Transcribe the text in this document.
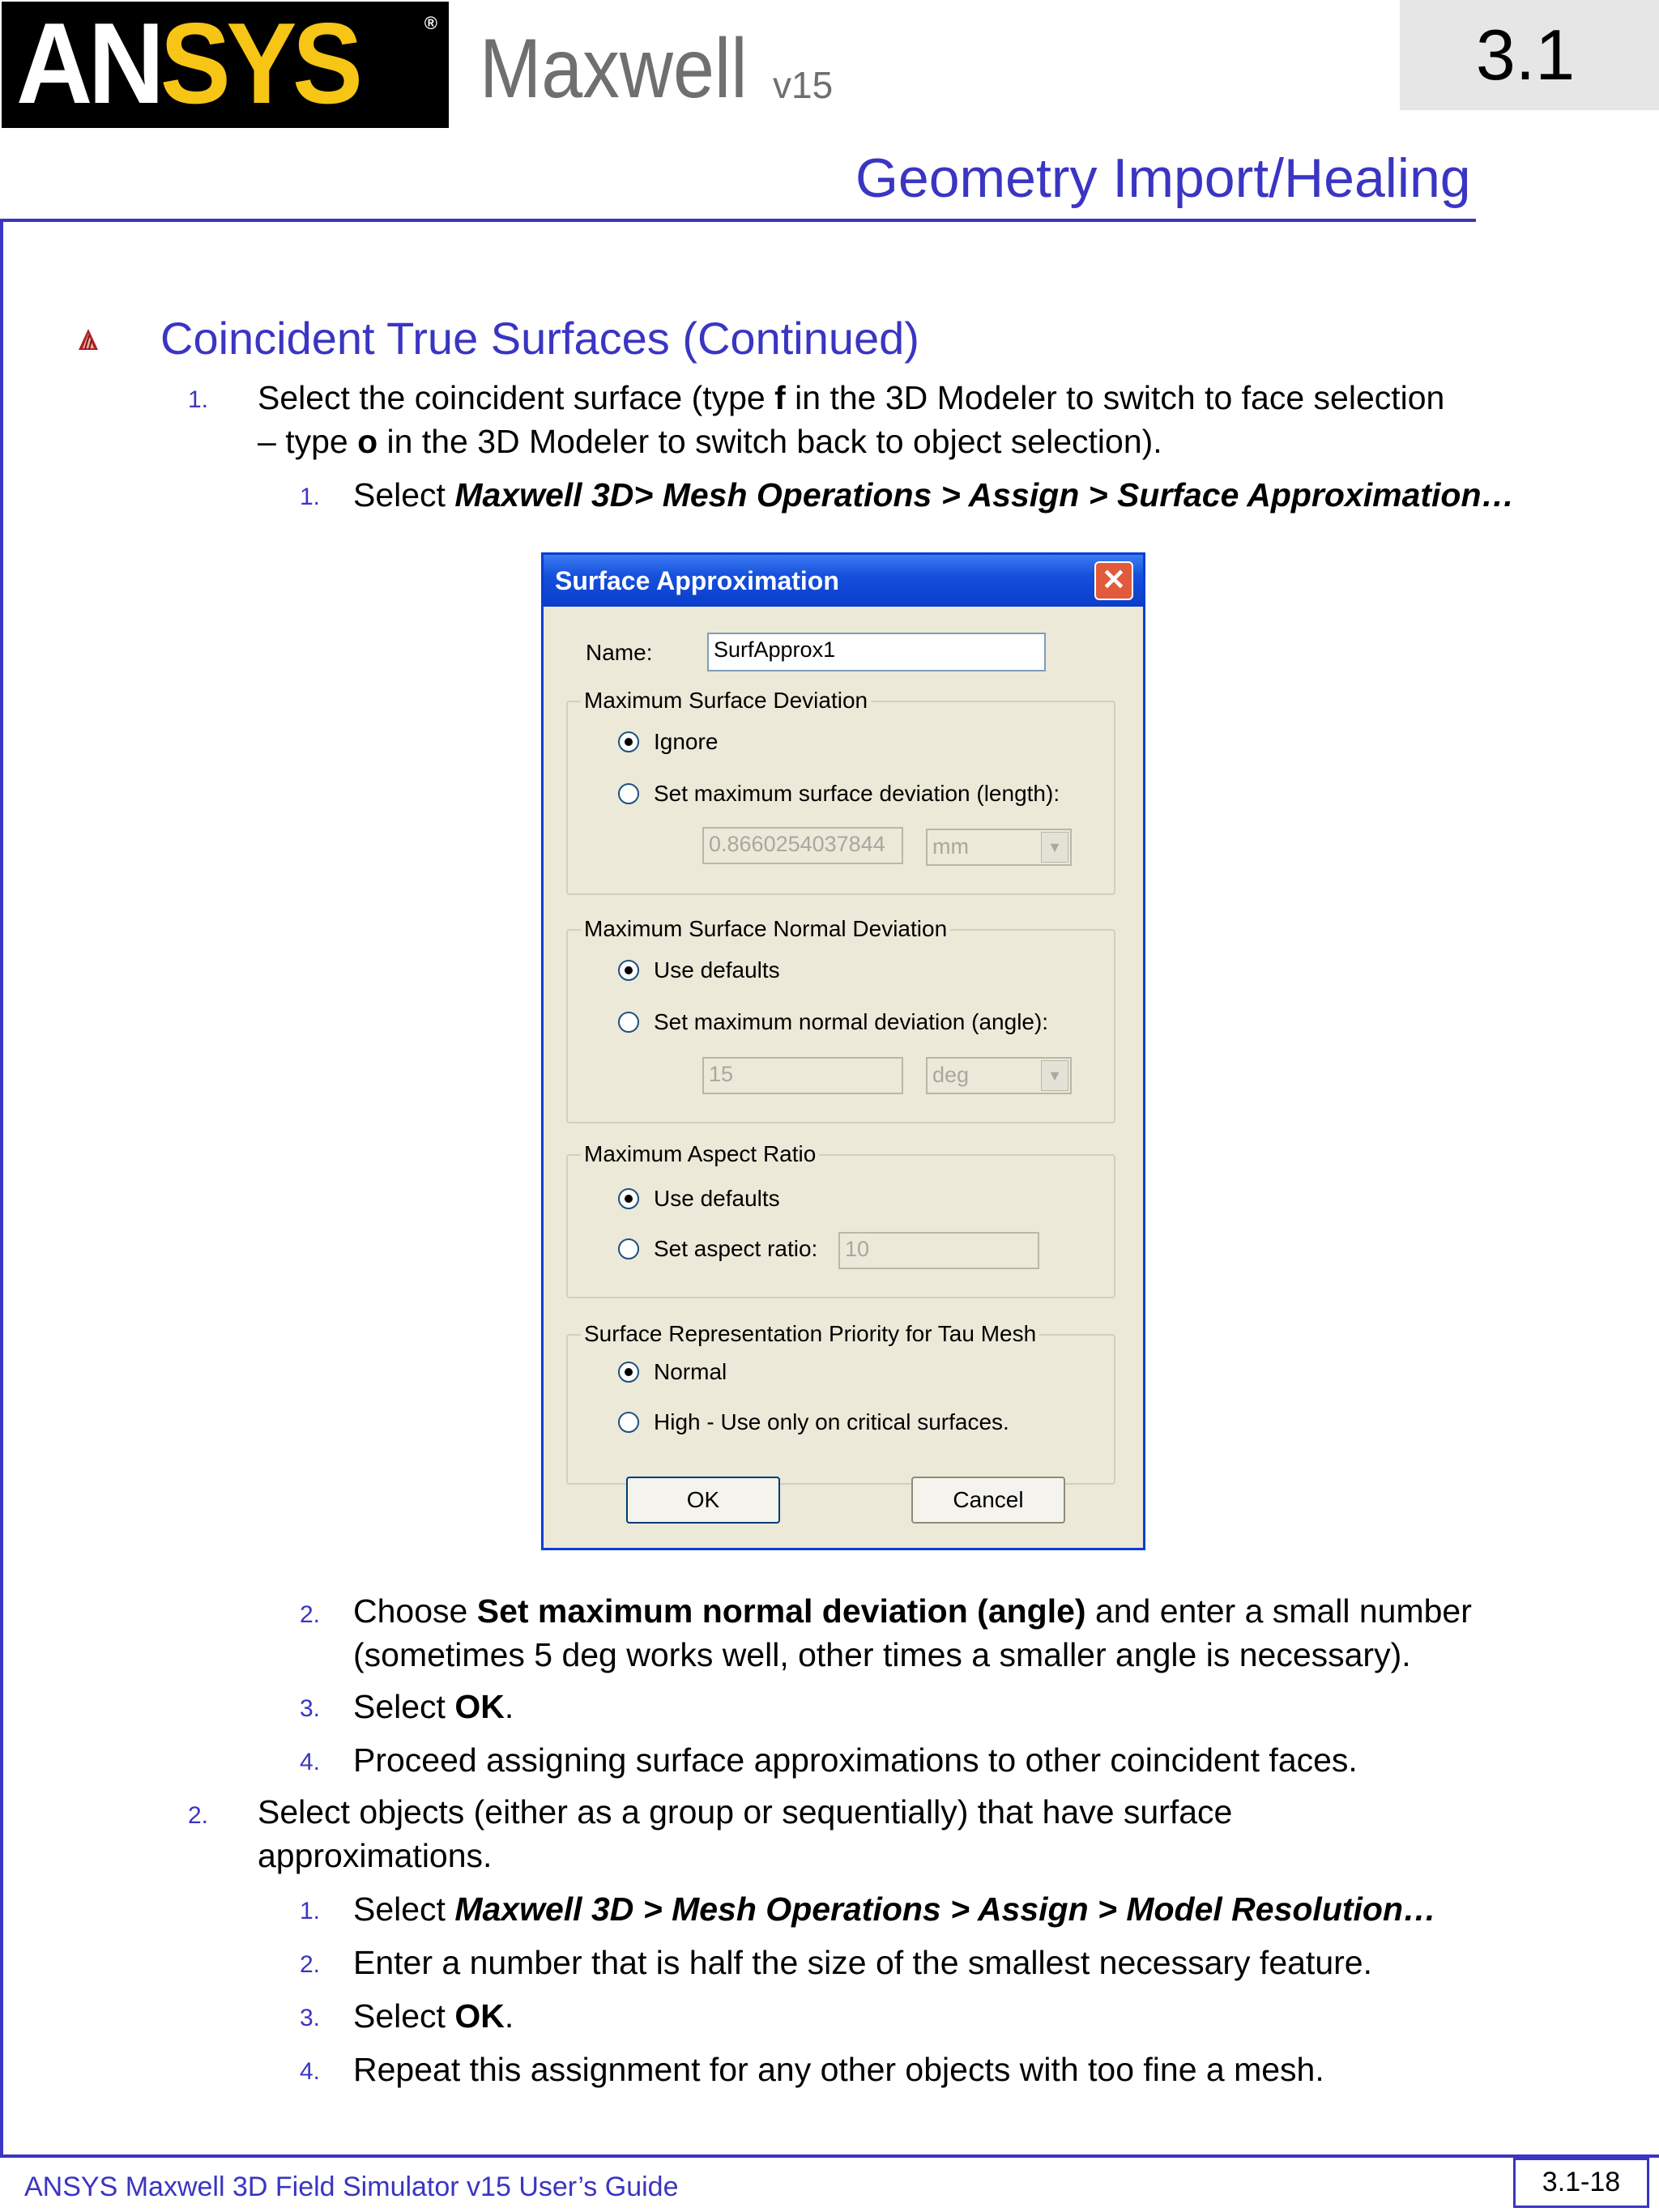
ANSYS	® Maxwell v15	3.1
Geometry Import/Healing
Coincident True Surfaces (Continued)
1. Select the coincident surface (type f in the 3D Modeler to switch to face selection
– type o in the 3D Modeler to switch back to object selection).
1. Select Maxwell 3D> Mesh Operations > Assign > Surface Approximation…
Surface Approximation	✕
Name:	SurfApprox1
Maximum Surface Deviation
Ignore
Set maximum surface deviation (length):
0.8660254037844	mm	▼
Maximum Surface Normal Deviation
Use defaults
Set maximum normal deviation (angle):
15	deg	▼
Maximum Aspect Ratio
Use defaults
Set aspect ratio: 10
Surface Representation Priority for Tau Mesh
Normal
High - Use only on critical surfaces.
OK	Cancel
2. Choose Set maximum normal deviation (angle) and enter a small number
(sometimes 5 deg works well, other times a smaller angle is necessary).
3. Select OK.
4. Proceed assigning surface approximations to other coincident faces.
2. Select objects (either as a group or sequentially) that have surface
approximations.
1. Select Maxwell 3D > Mesh Operations > Assign > Model Resolution…
2. Enter a number that is half the size of the smallest necessary feature.
3. Select OK.
4. Repeat this assignment for any other objects with too fine a mesh.
ANSYS Maxwell 3D Field Simulator v15 User’s Guide	3.1-18
